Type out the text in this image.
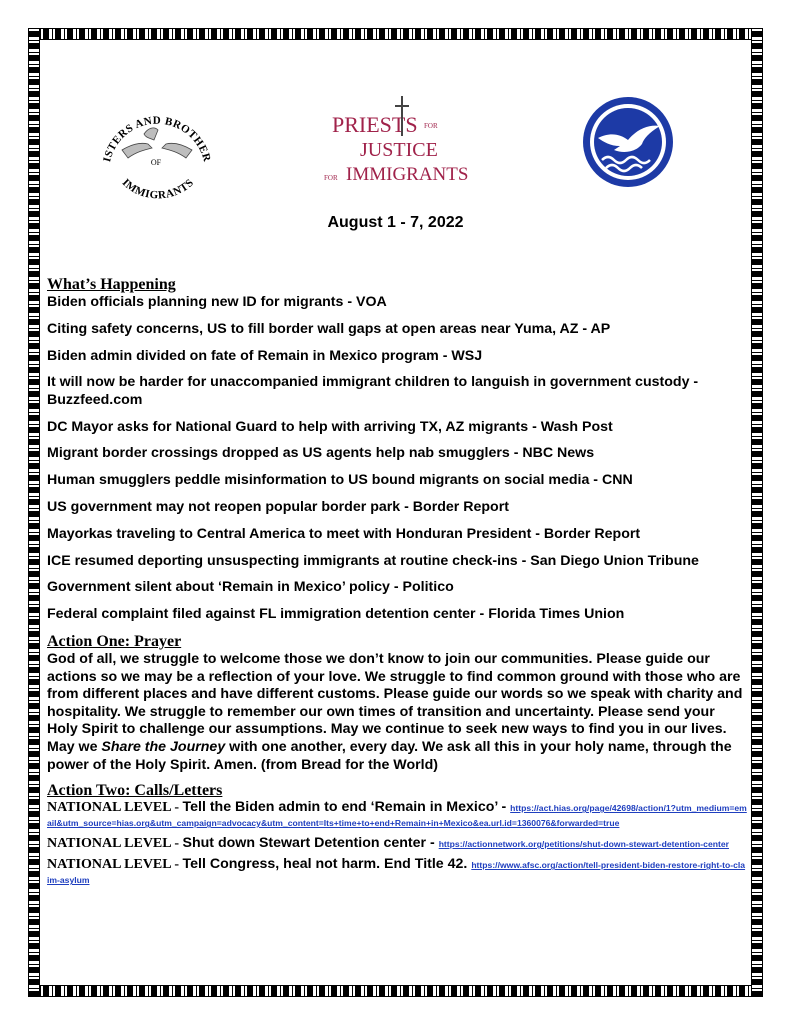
ISTERS AND BROTHER
IMMIGRANTS
OF
PRIESTS FOR
JUSTICE
FOR IMMIGRANTS
August 1 - 7, 2022
What’s Happening
Biden officials planning new ID for migrants - VOA
Citing safety concerns, US to fill border wall gaps at open areas near Yuma, AZ - AP
Biden admin divided on fate of Remain in Mexico program - WSJ
It will now be harder for unaccompanied immigrant children to languish in government custody - Buzzfeed.com
DC Mayor asks for National Guard to help with arriving TX, AZ migrants - Wash Post
Migrant border crossings dropped as US agents help nab smugglers - NBC News
Human smugglers peddle misinformation to US bound migrants on social media - CNN
US government may not reopen popular border park - Border Report
Mayorkas traveling to Central America to meet with Honduran President - Border Report
ICE resumed deporting unsuspecting immigrants at routine check-ins - San Diego Union Tribune
Government silent about ‘Remain in Mexico’ policy - Politico
Federal complaint filed against FL immigration detention center - Florida Times Union
Action One: Prayer

God of all, we struggle to welcome those we don’t know to join our communities. Please guide our actions so we may be a reflection of your love. We struggle to find common ground with those who are from different places and have different customs. Please guide our words so we speak with charity and hospitality. We struggle to remember our own times of transition and uncertainty. Please send your Holy Spirit to challenge our assumptions. May we continue to seek new ways to find you in our lives. May we Share the Journey with one another, every day. We ask all this in your holy name, through the power of the Holy Spirit. Amen. (from Bread for the World)

Action Two: Calls/Letters
NATIONAL LEVEL - Tell the Biden admin to end ‘Remain in Mexico’ - https://act.hias.org/page/42698/action/1?utm_medium=email&utm_source=hias.org&utm_campaign=advocacy&utm_content=Its+time+to+end+Remain+in+Mexico&ea.url.id=1360076&forwarded=true
NATIONAL LEVEL - Shut down Stewart Detention center - https://actionnetwork.org/petitions/shut-down-stewart-detention-center
NATIONAL LEVEL - Tell Congress, heal not harm. End Title 42. https://www.afsc.org/action/tell-president-biden-restore-right-to-claim-asylum
